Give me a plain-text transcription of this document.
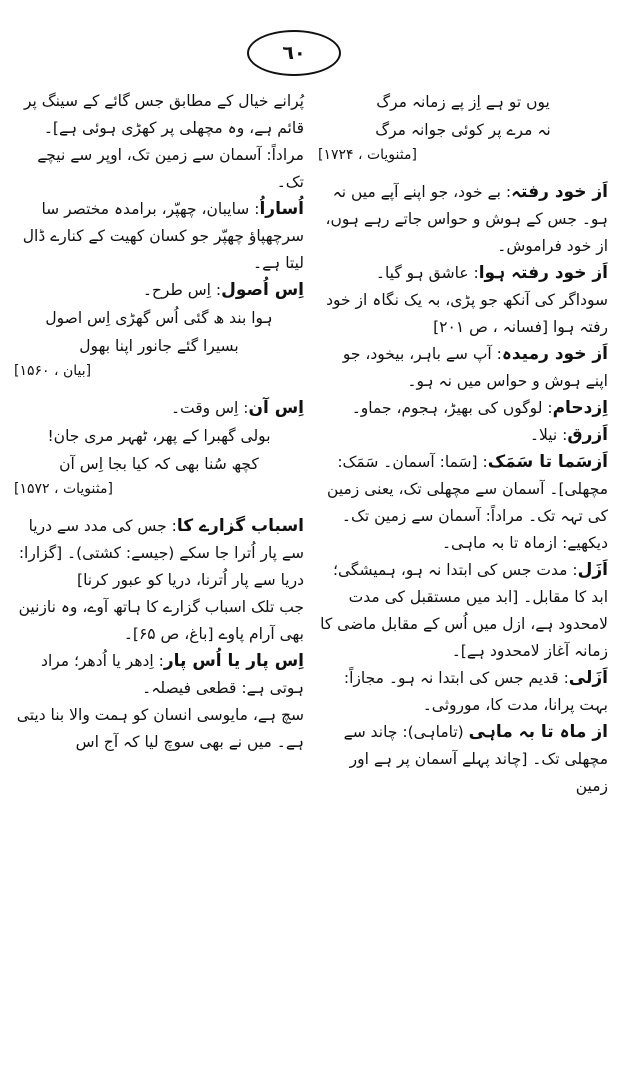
٦٠

یوں تو ہے اِز پے زمانہ مرگ

نہ مرے پر کوئی جوانہ مرگ

[مثنویات ، ۱۷۲۴]

اَز خود رفتہ: بے خود، جو اپنے آپے میں نہ ہو۔ جس کے ہوش و حواس جاتے رہے ہوں، از خود فراموش۔

اَز خود رفتہ ہوا: عاشق ہو گیا۔

سوداگر کی آنکھ جو پڑی، بہ یک نگاہ از خود رفتہ ہوا [فسانہ ، ص ۲۰۱]

اَز خود رمیدہ: آپ سے باہر، بیخود، جو اپنے ہوش و حواس میں نہ ہو۔

اِزدحام: لوگوں کی بھیڑ، ہجوم، جماو۔

اَزرق: نیلا۔

اَزسَما تا سَمَک: [سَما: آسمان۔ سَمَک: مچھلی]۔ آسمان سے مچھلی تک، یعنی زمین کی تہہ تک۔ مراداً: آسمان سے زمین تک۔ دیکھیے: ازماہ تا بہ ماہی۔

اَزَل: مدت جس کی ابتدا نہ ہو، ہمیشگی؛ ابد کا مقابل۔ [ابد میں مستقبل کی مدت لامحدود ہے، ازل میں اُس کے مقابل ماضی کا زمانہ آغاز لامحدود ہے]۔

اَزَلی: قدیم جس کی ابتدا نہ ہو۔ مجازاً: بہت پرانا، مدت کا، موروثی۔

از ماہ تا بہ ماہی (تاماہی): چاند سے مچھلی تک۔ [چاند پہلے آسمان پر ہے اور زمین

پُرانے خیال کے مطابق جس گائے کے سینگ پر قائم ہے، وہ مچھلی پر کھڑی ہوئی ہے]۔ مراداً: آسمان سے زمین تک، اوپر سے نیچے تک۔

اُساراُ: سایبان، چھپّر، برامدہ مختصر سا سرچھپاؤ چھپّر جو کسان کھیت کے کنارے ڈال لیتا ہے۔

اِس اُصول: اِس طرح۔

ہوا بند ھ گئی اُس گھڑی اِس اصول

بسیرا گئے جانور اپنا بھول

[بیان ، ۱۵۶۰]

اِس آن: اِس وقت۔

بولی گھبرا کے پھر، ٹھہر مری جان!

کچھ سُنا بھی کہ کیا بجا اِس آن

[مثنویات ، ۱۵۷۲]

اسباب گزارے کا: جس کی مدد سے دریا سے پار اُترا جا سکے (جیسے: کشتی)۔ [گزارا: دریا سے پار اُترنا، دریا کو عبور کرنا]

جب تلک اسباب گزارے کا ہاتھ آوے، وہ نازنین بھی آرام پاوے [باغ، ص ۶۵]۔

اِس پار یا اُس پار: اِدھر یا اُدھر؛ مراد ہوتی ہے: قطعی فیصلہ۔

سچ ہے، مایوسی انسان کو ہمت والا بنا دیتی ہے۔ میں نے بھی سوچ لیا کہ آج اس
